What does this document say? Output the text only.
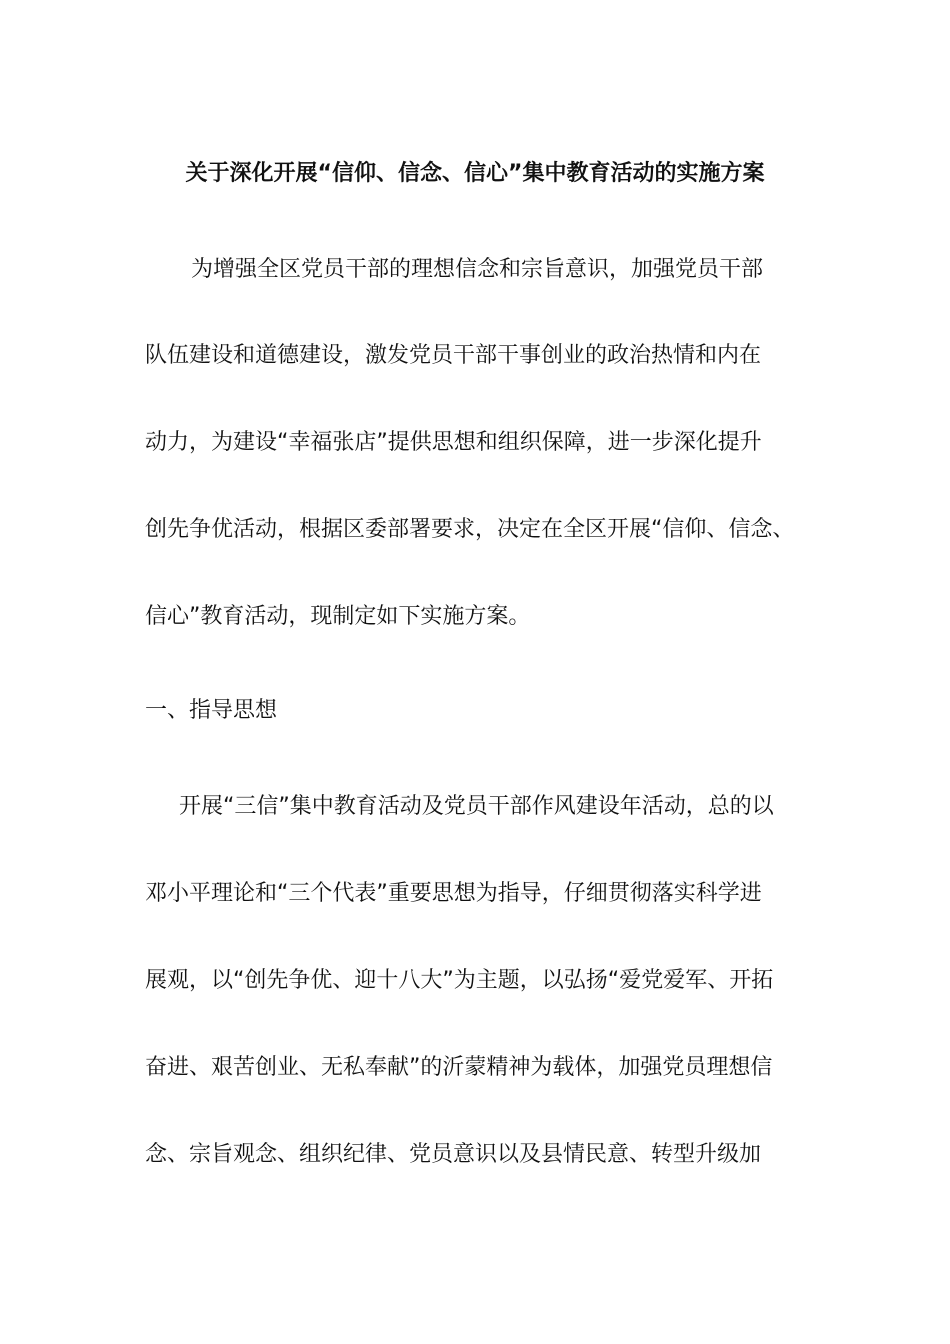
关于深化开展“信仰、信念、信心”集中教育活动的实施方案
为增强全区党员干部的理想信念和宗旨意识，加强党员干部
队伍建设和道德建设，激发党员干部干事创业的政治热情和内在
动力，为建设“幸福张店”提供思想和组织保障，进一步深化提升
创先争优活动，根据区委部署要求，决定在全区开展“信仰、信念、
信心”教育活动，现制定如下实施方案。
一、指导思想
开展“三信”集中教育活动及党员干部作风建设年活动，总的以
邓小平理论和“三个代表”重要思想为指导，仔细贯彻落实科学进
展观，以“创先争优、迎十八大”为主题，以弘扬“爱党爱军、开拓
奋进、艰苦创业、无私奉献”的沂蒙精神为载体，加强党员理想信
念、宗旨观念、组织纪律、党员意识以及县情民意、转型升级加
